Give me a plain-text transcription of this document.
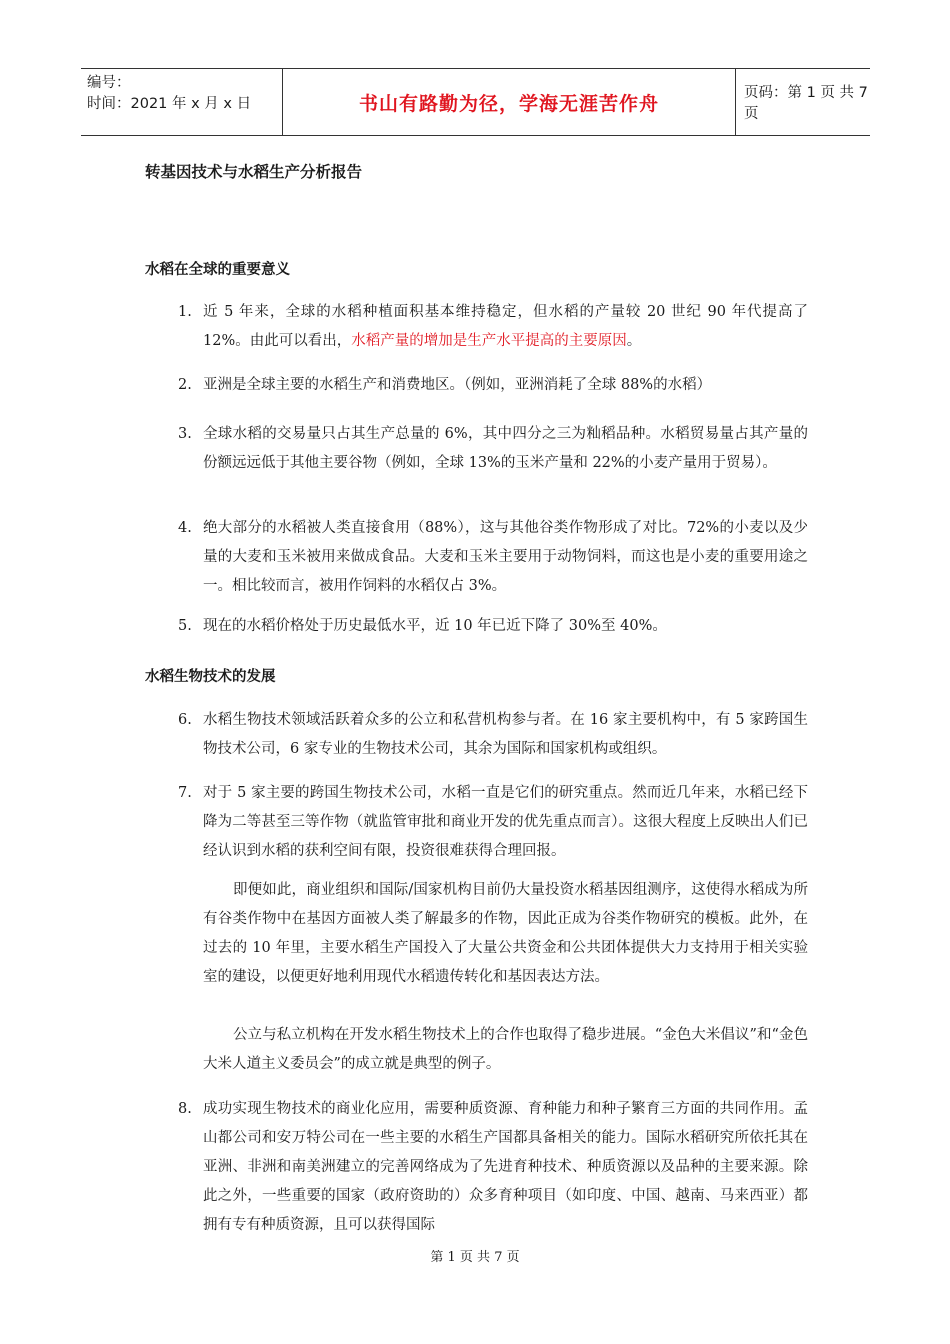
编号：
时间：2021 年 x 月 x 日	书山有路勤为径，学海无涯苦作舟	页码：第 1 页 共 7 页
转基因技术与水稻生产分析报告
水稻在全球的重要意义
1. 近 5 年来，全球的水稻种植面积基本维持稳定，但水稻的产量较 20 世纪 90 年代提高了 12%。由此可以看出，水稻产量的增加是生产水平提高的主要原因。
2. 亚洲是全球主要的水稻生产和消费地区。（例如，亚洲消耗了全球 88%的水稻）
3. 全球水稻的交易量只占其生产总量的 6%，其中四分之三为籼稻品种。水稻贸易量占其产量的份额远远低于其他主要谷物（例如，全球 13%的玉米产量和 22%的小麦产量用于贸易）。
4. 绝大部分的水稻被人类直接食用（88%），这与其他谷类作物形成了对比。72%的小麦以及少量的大麦和玉米被用来做成食品。大麦和玉米主要用于动物饲料，而这也是小麦的重要用途之一。相比较而言，被用作饲料的水稻仅占 3%。
5. 现在的水稻价格处于历史最低水平，近 10 年已近下降了 30%至 40%。
水稻生物技术的发展
6. 水稻生物技术领域活跃着众多的公立和私营机构参与者。在 16 家主要机构中，有 5 家跨国生物技术公司，6 家专业的生物技术公司，其余为国际和国家机构或组织。
7. 对于 5 家主要的跨国生物技术公司，水稻一直是它们的研究重点。然而近几年来，水稻已经下降为二等甚至三等作物（就监管审批和商业开发的优先重点而言）。这很大程度上反映出人们已经认识到水稻的获利空间有限，投资很难获得合理回报。
即便如此，商业组织和国际/国家机构目前仍大量投资水稻基因组测序，这使得水稻成为所有谷类作物中在基因方面被人类了解最多的作物，因此正成为谷类作物研究的模板。此外，在过去的 10 年里，主要水稻生产国投入了大量公共资金和公共团体提供大力支持用于相关实验室的建设，以便更好地利用现代水稻遗传转化和基因表达方法。
公立与私立机构在开发水稻生物技术上的合作也取得了稳步进展。“金色大米倡议”和“金色大米人道主义委员会”的成立就是典型的例子。
8. 成功实现生物技术的商业化应用，需要种质资源、育种能力和种子繁育三方面的共同作用。孟山都公司和安万特公司在一些主要的水稻生产国都具备相关的能力。国际水稻研究所依托其在亚洲、非洲和南美洲建立的完善网络成为了先进育种技术、种质资源以及品种的主要来源。除此之外，一些重要的国家（政府资助的）众多育种项目（如印度、中国、越南、马来西亚）都拥有专有种质资源，且可以获得国际
第 1 页 共 7 页
